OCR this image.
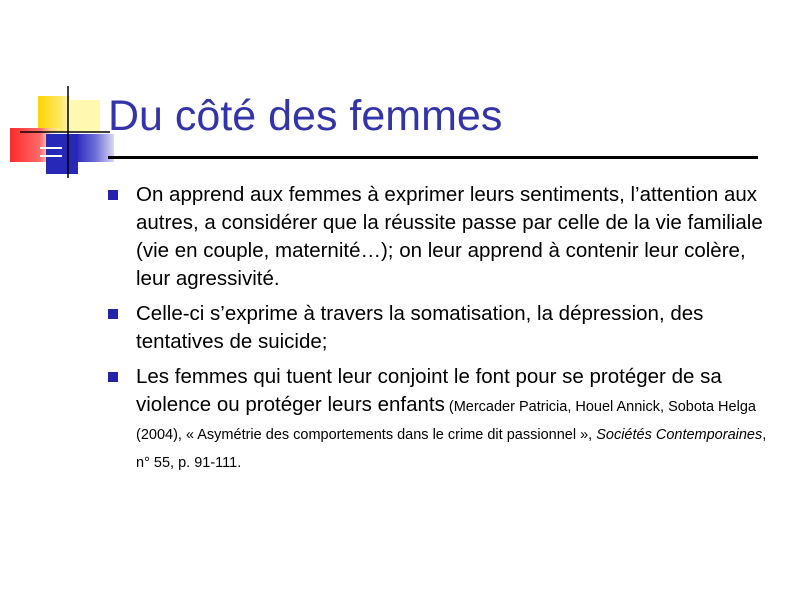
Du côté des femmes
On apprend aux femmes à exprimer leurs sentiments, l’attention aux autres, a considérer que la réussite passe par celle de la vie familiale (vie en couple, maternité…); on leur apprend à contenir leur colère, leur agressivité.
Celle-ci s’exprime à travers la somatisation, la dépression, des tentatives de suicide;
Les femmes qui tuent leur conjoint le font pour se protéger de sa violence ou protéger leurs enfants (Mercader Patricia, Houel Annick, Sobota Helga (2004), « Asymétrie des comportements dans le crime dit passionnel », Sociétés Contemporaines, n° 55, p. 91-111.
